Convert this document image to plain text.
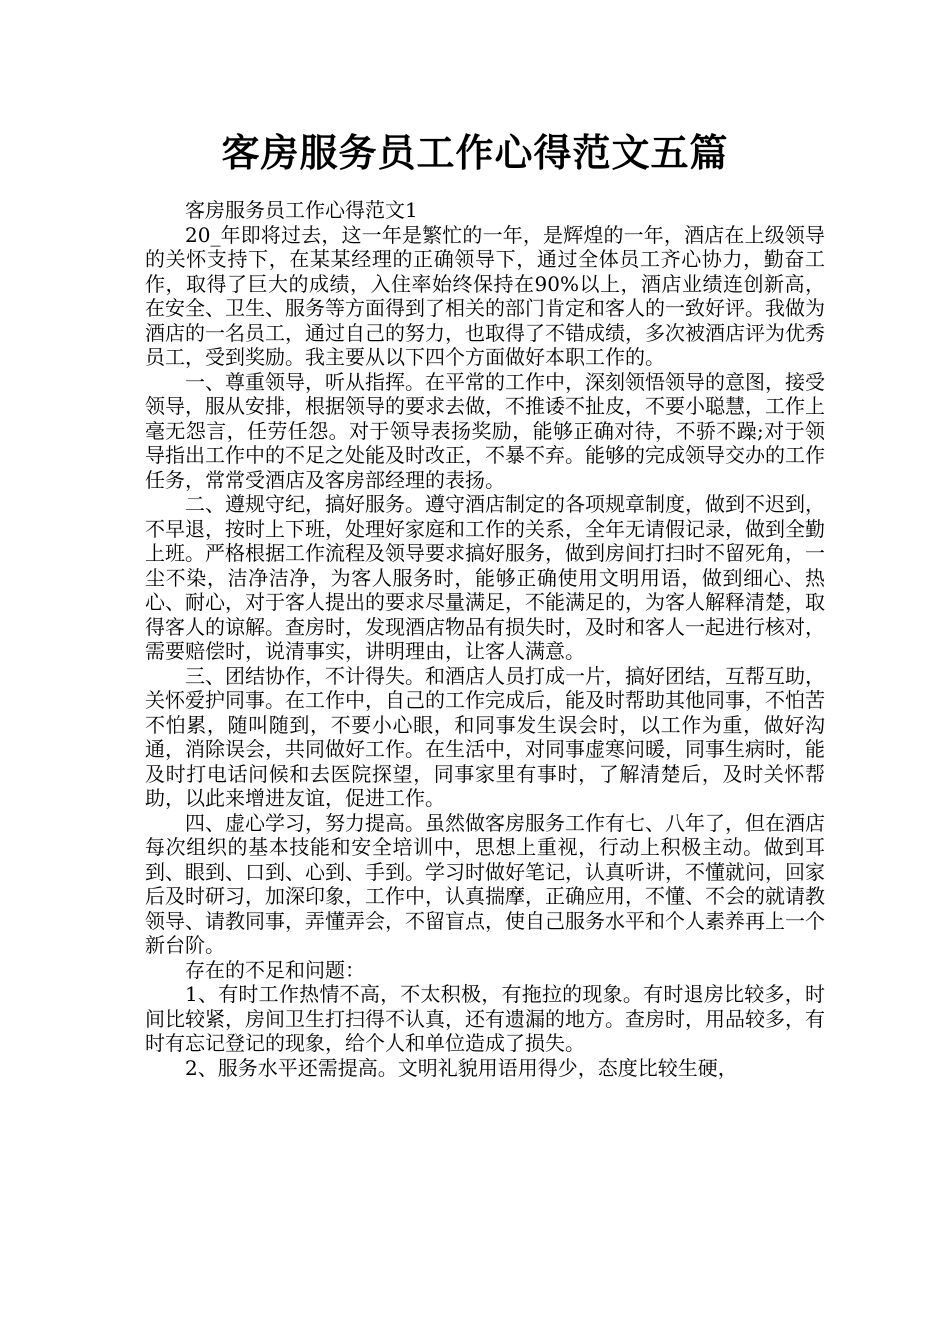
客房服务员工作心得范文五篇

客房服务员工作心得范文1

20_年即将过去，这一年是繁忙的一年，是辉煌的一年，酒店在上级领导的关怀支持下，在某某经理的正确领导下，通过全体员工齐心协力，勤奋工作，取得了巨大的成绩，入住率始终保持在90%以上，酒店业绩连创新高，在安全、卫生、服务等方面得到了相关的部门肯定和客人的一致好评。我做为酒店的一名员工，通过自己的努力，也取得了不错成绩，多次被酒店评为优秀员工，受到奖励。我主要从以下四个方面做好本职工作的。

一、尊重领导，听从指挥。在平常的工作中，深刻领悟领导的意图，接受领导，服从安排，根据领导的要求去做，不推诿不扯皮，不要小聪慧，工作上毫无怨言，任劳任怨。对于领导表扬奖励，能够正确对待，不骄不躁;对于领导指出工作中的不足之处能及时改正，不暴不弃。能够的完成领导交办的工作任务，常常受酒店及客房部经理的表扬。

二、遵规守纪，搞好服务。遵守酒店制定的各项规章制度，做到不迟到，不早退，按时上下班，处理好家庭和工作的关系，全年无请假记录，做到全勤上班。严格根据工作流程及领导要求搞好服务，做到房间打扫时不留死角，一尘不染，洁净洁净，为客人服务时，能够正确使用文明用语，做到细心、热心、耐心，对于客人提出的要求尽量满足，不能满足的，为客人解释清楚，取得客人的谅解。查房时，发现酒店物品有损失时，及时和客人一起进行核对，需要赔偿时，说清事实，讲明理由，让客人满意。

三、团结协作，不计得失。和酒店人员打成一片，搞好团结，互帮互助，关怀爱护同事。在工作中，自己的工作完成后，能及时帮助其他同事，不怕苦不怕累，随叫随到，不要小心眼，和同事发生误会时，以工作为重，做好沟通，消除误会，共同做好工作。在生活中，对同事虚寒问暖，同事生病时，能及时打电话问候和去医院探望，同事家里有事时，了解清楚后，及时关怀帮助，以此来增进友谊，促进工作。

四、虚心学习，努力提高。虽然做客房服务工作有七、八年了，但在酒店每次组织的基本技能和安全培训中，思想上重视，行动上积极主动。做到耳到、眼到、口到、心到、手到。学习时做好笔记，认真听讲，不懂就问，回家后及时研习，加深印象，工作中，认真揣摩，正确应用，不懂、不会的就请教领导、请教同事，弄懂弄会，不留盲点，使自己服务水平和个人素养再上一个新台阶。

存在的不足和问题：

1、有时工作热情不高，不太积极，有拖拉的现象。有时退房比较多，时间比较紧，房间卫生打扫得不认真，还有遗漏的地方。查房时，用品较多，有时有忘记登记的现象，给个人和单位造成了损失。

2、服务水平还需提高。文明礼貌用语用得少，态度比较生硬，
